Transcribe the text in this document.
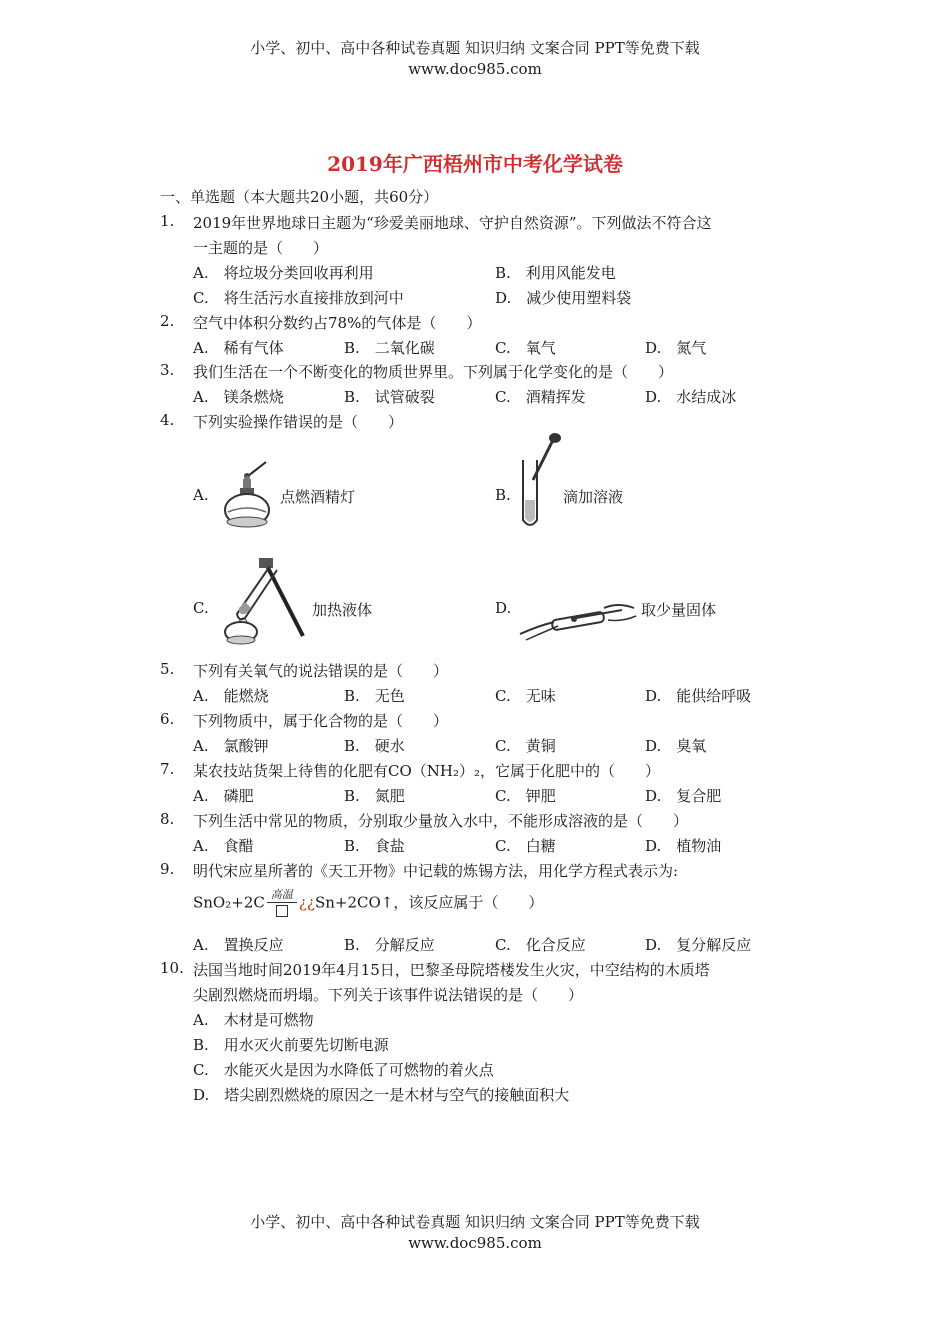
小学、初中、高中各种试卷真题 知识归纳 文案合同 PPT等免费下载
www.doc985.com
2019年广西梧州市中考化学试卷
一、单选题（本大题共20小题，共60分）
1. 2019年世界地球日主题为“珍爱美丽地球、守护自然资源”。下列做法不符合这
一主题的是（　　）
A.　将垃圾分类回收再利用	B.　利用风能发电
C.　将生活污水直接排放到河中	D.　减少使用塑料袋
2. 空气中体积分数约占78%的气体是（　　）
A.　稀有气体	B.　二氧化碳	C.　氧气	D.　氮气
3. 我们生活在一个不断变化的物质世界里。下列属于化学变化的是（　　）
A.　镁条燃烧	B.　试管破裂	C.　酒精挥发	D.　水结成冰
4. 下列实验操作错误的是（　　）
A.	点燃酒精灯	B.	滴加溶液
C.	加热液体	D.	取少量固体
5. 下列有关氧气的说法错误的是（　　）
A.　能燃烧	B.　无色	C.　无味	D.　能供给呼吸
6. 下列物质中，属于化合物的是（　　）
A.　氯酸钾	B.　硬水	C.　黄铜	D.　臭氧
7. 某农技站货架上待售的化肥有CO（NH₂）₂，它属于化肥中的（　　）
A.　磷肥	B.　氮肥	C.　钾肥	D.　复合肥
8. 下列生活中常见的物质，分别取少量放入水中，不能形成溶液的是（　　）
A.　食醋	B.　食盐	C.　白糖	D.　植物油
9. 明代宋应星所著的《天工开物》中记载的炼锡方法，用化学方程式表示为:
SnO₂+2C 高温 ¿¿Sn+2CO↑，该反应属于（　　）
A.　置换反应	B.　分解反应	C.　化合反应	D.　复分解反应
10. 法国当地时间2019年4月15日，巴黎圣母院塔楼发生火灾，中空结构的木质塔
尖剧烈燃烧而坍塌。下列关于该事件说法错误的是（　　）
A.　木材是可燃物
B.　用水灭火前要先切断电源
C.　水能灭火是因为水降低了可燃物的着火点
D.　塔尖剧烈燃烧的原因之一是木材与空气的接触面积大
小学、初中、高中各种试卷真题 知识归纳 文案合同 PPT等免费下载
www.doc985.com
